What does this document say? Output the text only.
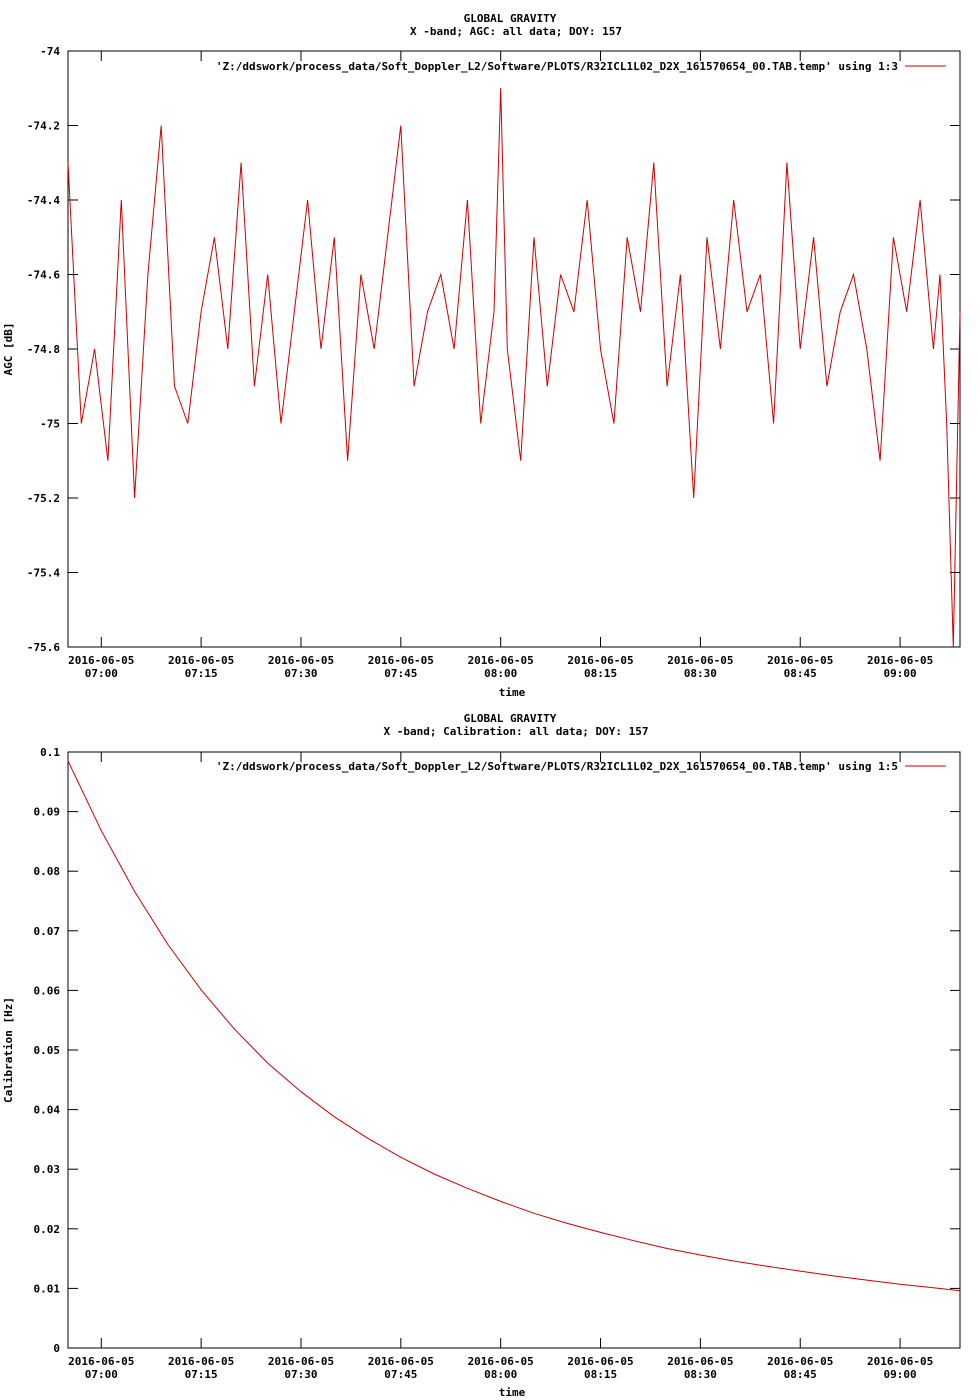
GLOBAL GRAVITY
X -band; AGC: all data; DOY: 157
-74
-74.2
-74.4
-74.6
-74.8
-75
-75.2
-75.4
-75.6
2016-06-05
07:00
2016-06-05
07:15
2016-06-05
07:30
2016-06-05
07:45
2016-06-05
08:00
2016-06-05
08:15
2016-06-05
08:30
2016-06-05
08:45
2016-06-05
09:00
AGC [dB]
time
'Z:/ddswork/process_data/Soft_Doppler_L2/Software/PLOTS/R32ICL1L02_D2X_161570654_00.TAB.temp' using 1:3
GLOBAL GRAVITY
X -band; Calibration: all data; DOY: 157
0.1
0.09
0.08
0.07
0.06
0.05
0.04
0.03
0.02
0.01
0
2016-06-05
07:00
2016-06-05
07:15
2016-06-05
07:30
2016-06-05
07:45
2016-06-05
08:00
2016-06-05
08:15
2016-06-05
08:30
2016-06-05
08:45
2016-06-05
09:00
Calibration [Hz]
time
'Z:/ddswork/process_data/Soft_Doppler_L2/Software/PLOTS/R32ICL1L02_D2X_161570654_00.TAB.temp' using 1:5
